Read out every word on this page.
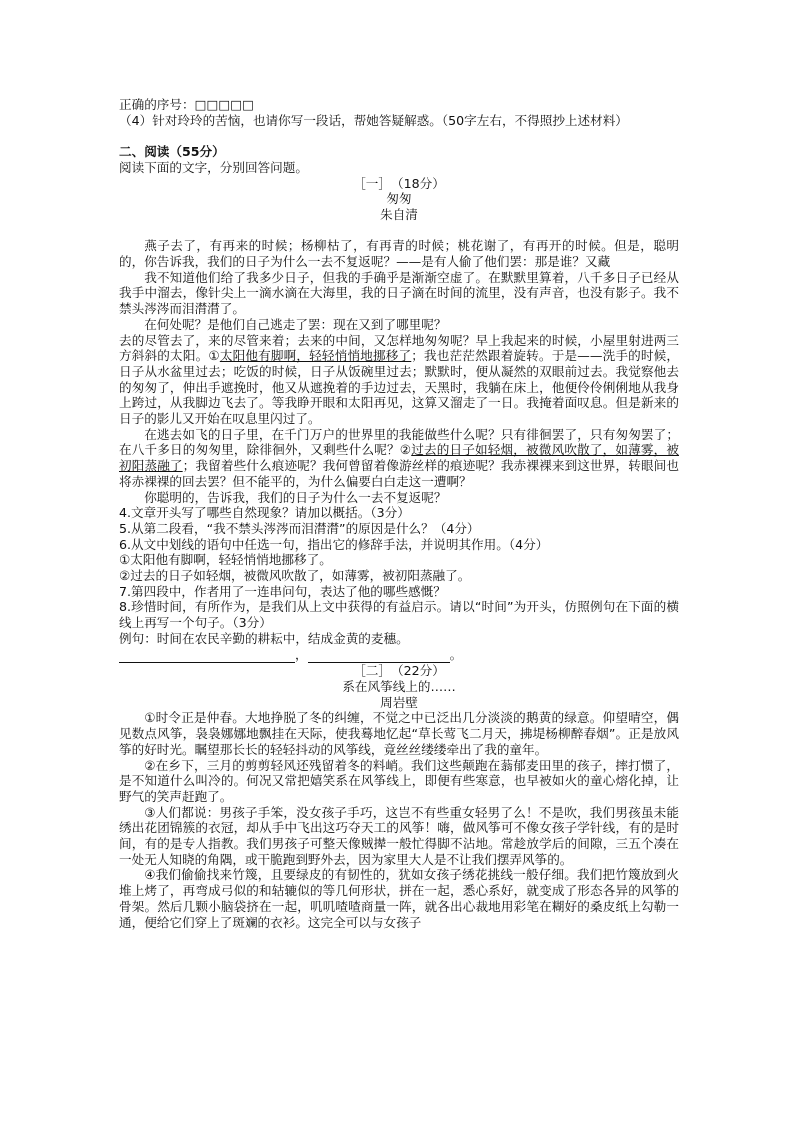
正确的序号：□□□□□
（4）针对玲玲的苦恼，也请你写一段话，帮她答疑解惑。（50字左右，不得照抄上述材料）
二、阅读（55分）
阅读下面的文字，分别回答问题。
［一］　（18分）
匆匆
朱自清
燕子去了，有再来的时候；杨柳枯了，有再青的时候；桃花谢了，有再开的时候。但是，聪明的，你告诉我，我们的日子为什么一去不复返呢？——是有人偷了他们罢：那是谁？又藏
我不知道他们给了我多少日子，但我的手确乎是渐渐空虚了。在默默里算着，八千多日子已经从我手中溜去，像针尖上一滴水滴在大海里，我的日子滴在时间的流里，没有声音，也没有影子。我不禁头涔涔而泪潸潸了。
在何处呢？是他们自己逃走了罢：现在又到了哪里呢？
去的尽管去了，来的尽管来着；去来的中间，又怎样地匆匆呢？早上我起来的时候，小屋里射进两三方斜斜的太阳。①太阳他有脚啊，轻轻悄悄地挪移了；我也茫茫然跟着旋转。于是——洗手的时候，日子从水盆里过去；吃饭的时候，日子从饭碗里过去；默默时，便从凝然的双眼前过去。我觉察他去的匆匆了，伸出手遮挽时，他又从遮挽着的手边过去，天黑时，我躺在床上，他便伶伶俐俐地从我身上跨过，从我脚边飞去了。等我睁开眼和太阳再见，这算又溜走了一日。我掩着面叹息。但是新来的日子的影儿又开始在叹息里闪过了。
在逃去如飞的日子里，在千门万户的世界里的我能做些什么呢？只有徘徊罢了，只有匆匆罢了；在八千多日的匆匆里，除徘徊外，又剩些什么呢？②过去的日子如轻烟，被微风吹散了，如薄雾，被初阳蒸融了；我留着些什么痕迹呢？我何曾留着像游丝样的痕迹呢？我赤裸裸来到这世界，转眼间也将赤裸裸的回去罢？但不能平的，为什么偏要白白走这一遭啊？
你聪明的，告诉我，我们的日子为什么一去不复返呢？
4.文章开头写了哪些自然现象？请加以概括。（3分）
5.从第二段看，“我不禁头涔涔而泪潸潸”的原因是什么？（4分）
6.从文中划线的语句中任选一句，指出它的修辞手法，并说明其作用。（4分）
①太阳他有脚啊，轻轻悄悄地挪移了。
②过去的日子如轻烟，被微风吹散了，如薄雾，被初阳蒸融了。
7.第四段中，作者用了一连串问句，表达了他的哪些感慨？
8.珍惜时间，有所作为，是我们从上文中获得的有益启示。请以“时间”为开头，仿照例句在下面的横线上再写一个句子。（3分）
例句：时间在农民辛勤的耕耘中，结成金黄的麦穗。
，	。
［二］　（22分）
系在风筝线上的……
周岩壁
①时令正是仲春。大地挣脱了冬的纠缠，不觉之中已泛出几分淡淡的鹅黄的绿意。仰望晴空，偶见数点风筝，袅袅娜娜地飘挂在天际，使我蓦地忆起“草长莺飞二月天，拂堤杨柳醉春烟”。正是放风筝的好时光。瞩望那长长的轻轻抖动的风筝线，竟丝丝缕缕牵出了我的童年。
②在乡下，三月的剪剪轻风还残留着冬的料峭。我们这些颠跑在蓊郁麦田里的孩子，摔打惯了，是不知道什么叫冷的。何况又常把嬉笑系在风筝线上，即便有些寒意，也早被如火的童心熔化掉，让野气的笑声赶跑了。
③人们都说：男孩子手笨，没女孩子手巧，这岂不有些重女轻男了么！不是吹，我们男孩虽未能绣出花团锦簇的衣冠，却从手中飞出这巧夺天工的风筝！嗨，做风筝可不像女孩子学针线，有的是时间，有的是专人指教。我们男孩子可整天像贼撵一般忙得脚不沾地。常趁放学后的间隙，三五个凑在一处无人知晓的角隅，或干脆跑到野外去，因为家里大人是不让我们摆弄风筝的。
④我们偷偷找来竹篾，且要绿皮的有韧性的，犹如女孩子绣花挑线一般仔细。我们把竹篾放到火堆上烤了，再弯成弓似的和轱辘似的等几何形状，拼在一起，悉心系好，就变成了形态各异的风筝的骨架。然后几颗小脑袋挤在一起，叽叽喳喳商量一阵，就各出心裁地用彩笔在糊好的桑皮纸上勾勒一通，便给它们穿上了斑斓的衣衫。这完全可以与女孩子
